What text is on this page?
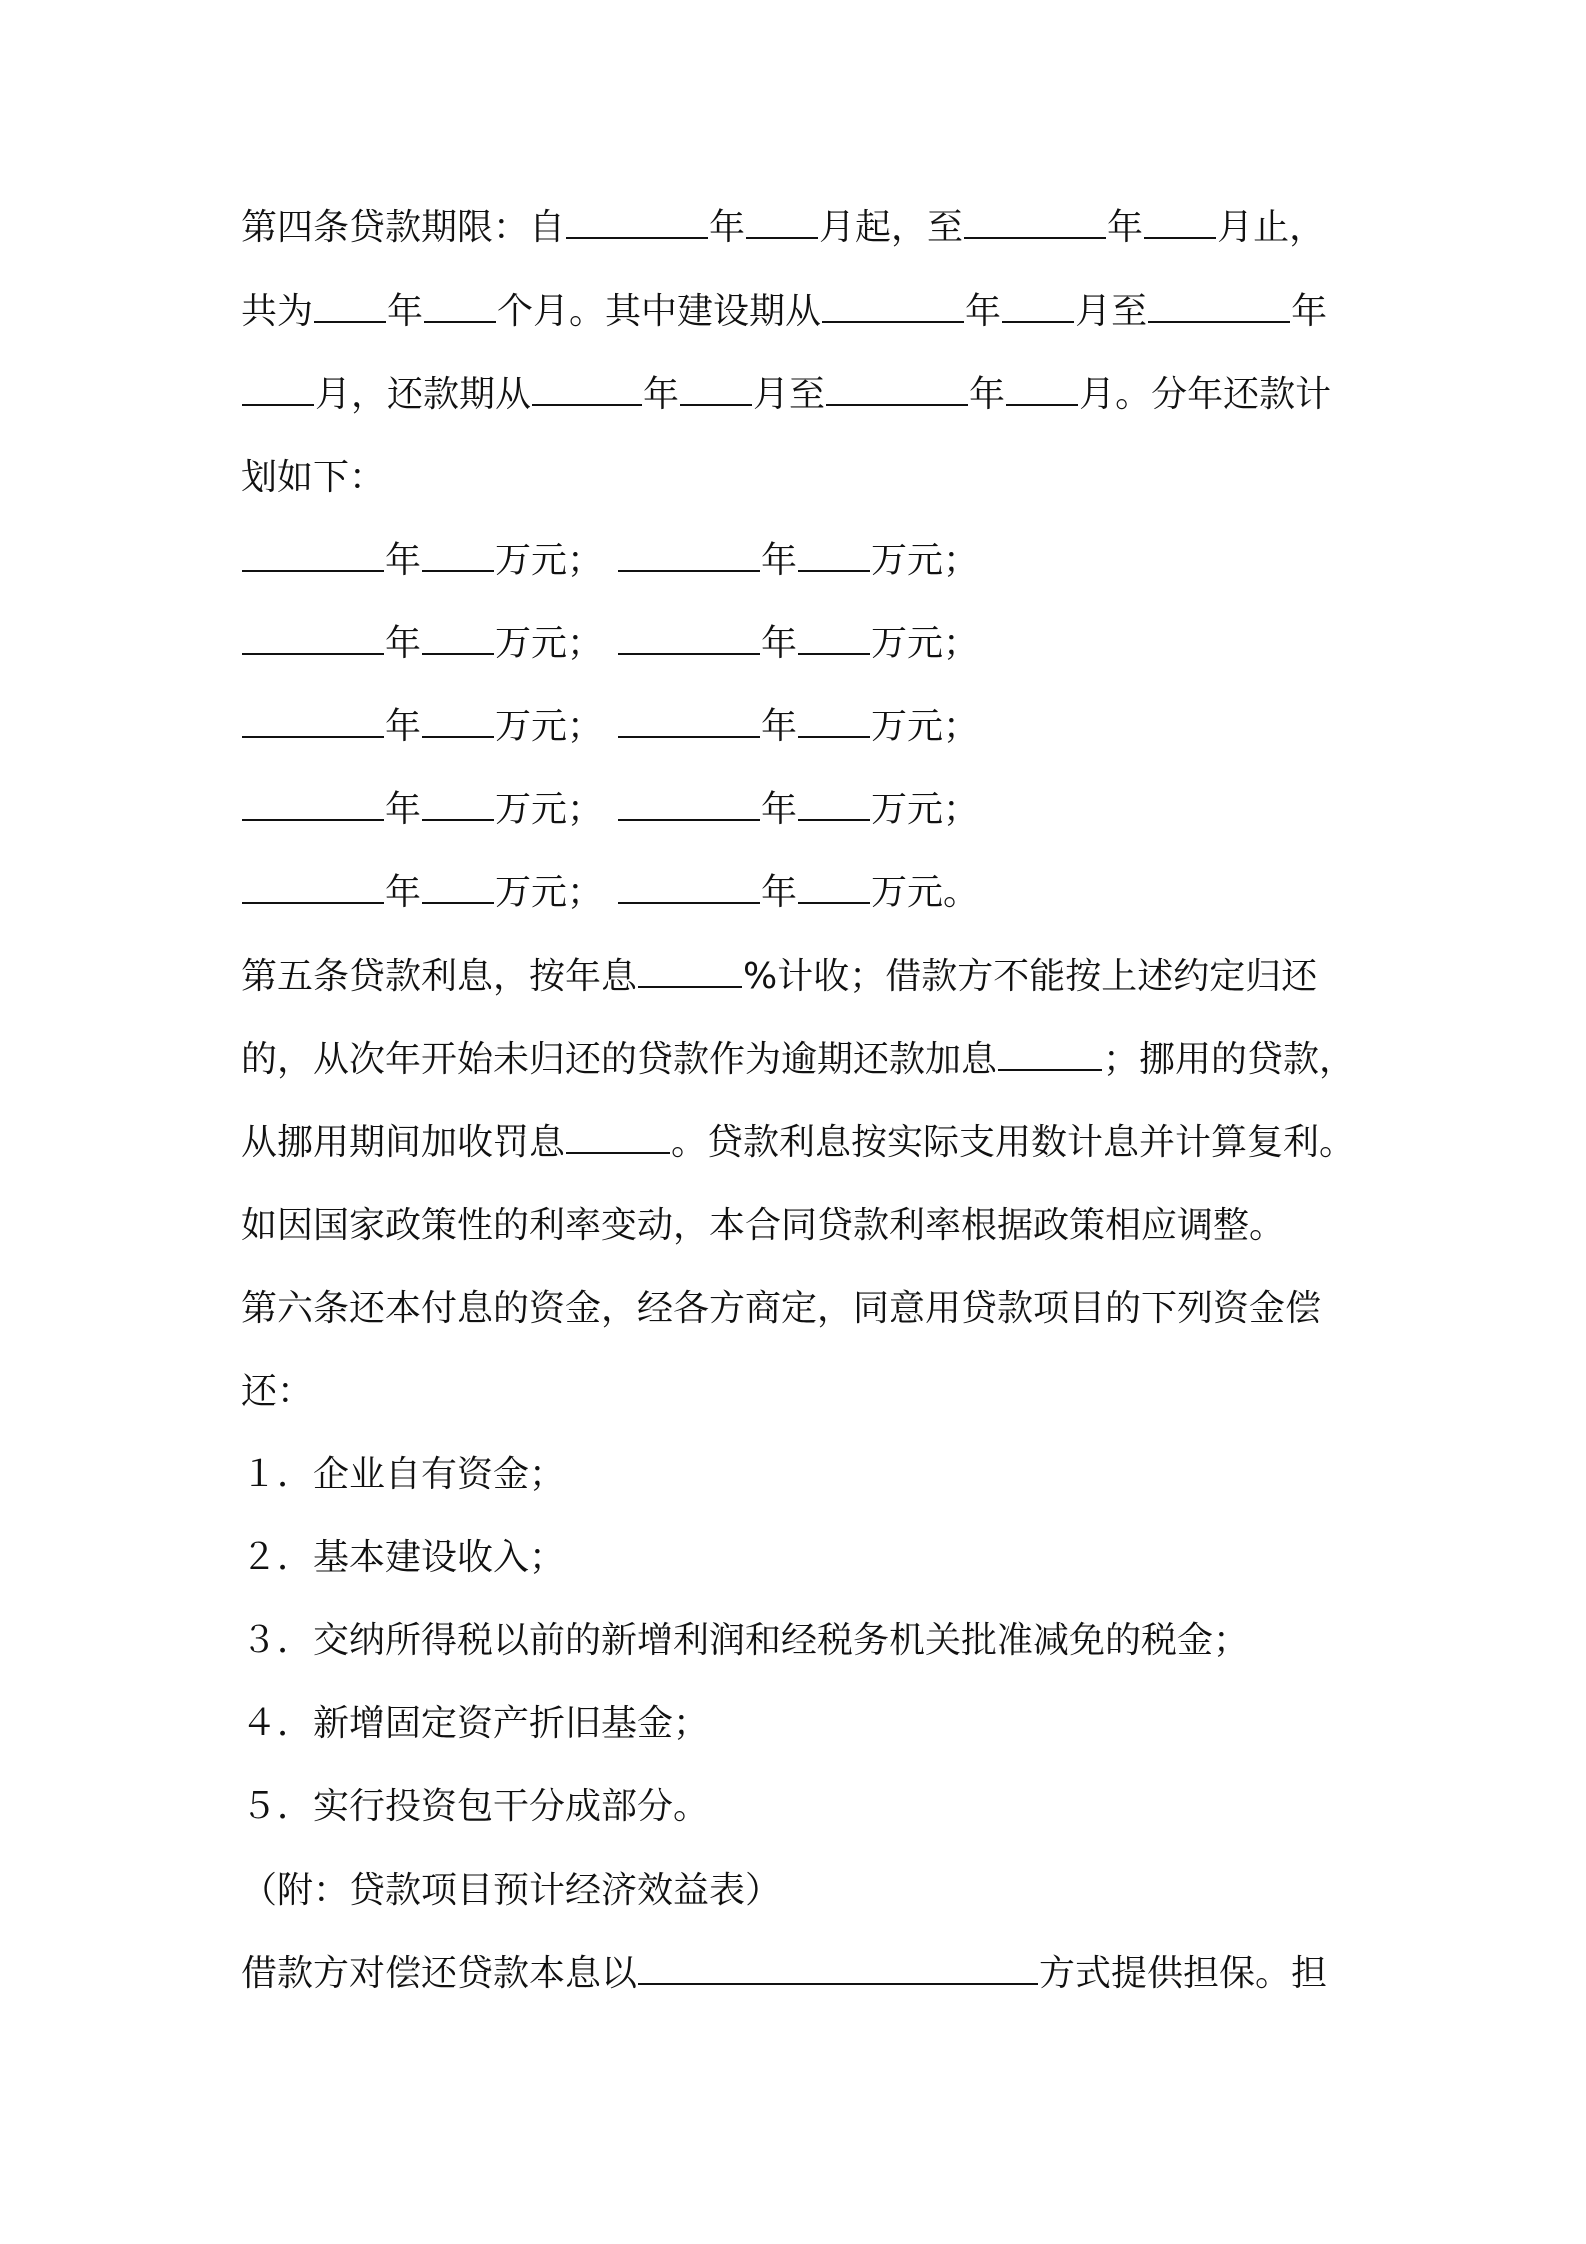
第四条贷款期限：自	年 月起，至	年 月止，
共为 年 个月。其中建设期从	年 月至	年
月，还款期从	年 月至	年 月。分年还款计
划如下：
年 万元；	年 万元；
年 万元；	年 万元；
年 万元；	年 万元；
年 万元；	年 万元；
年 万元；	年 万元。
第五条贷款利息，按年息	%计收；借款方不能按上述约定归还
的，从次年开始未归还的贷款作为逾期还款加息	；挪用的贷款，
从挪用期间加收罚息	。贷款利息按实际支用数计息并计算复利。
如因国家政策性的利率变动，本合同贷款利率根据政策相应调整。
第六条还本付息的资金，经各方商定，同意用贷款项目的下列资金偿
还：
１．企业自有资金；
２．基本建设收入；
３．交纳所得税以前的新增利润和经税务机关批准减免的税金；
４．新增固定资产折旧基金；
５．实行投资包干分成部分。
（附：贷款项目预计经济效益表）
借款方对偿还贷款本息以	方式提供担保。担
